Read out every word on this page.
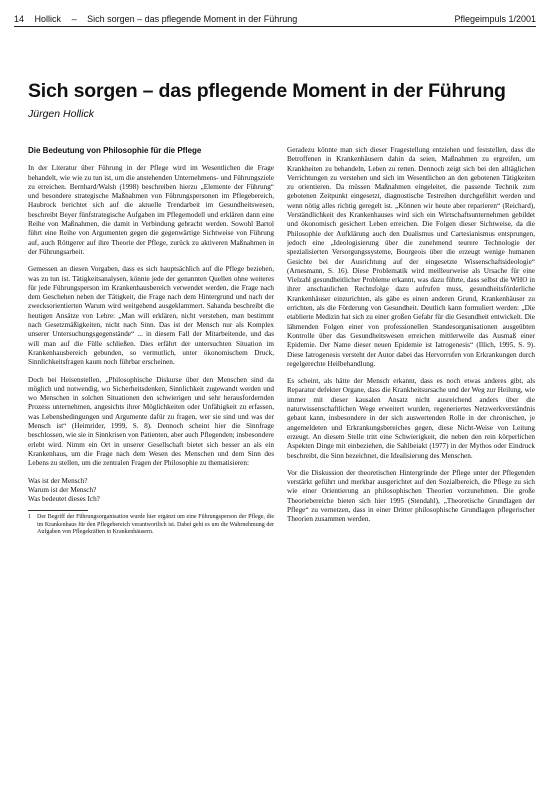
14 Hollick – Sich sorgen – das pflegende Moment in der Führung	Pflegeimpuls 1/2001
Sich sorgen – das pflegende Moment in der Führung
Jürgen Hollick
Die Bedeutung von Philosophie für die Pflege

In der Literatur über Führung in der Pflege wird im Wesentlichen die Frage behandelt, wie wie zu tun ist, um die anstehenden Unternehmens- und Führungsziele zu erreichen. Bernhard/Walsh (1998) beschreiben hierzu „Elemente der Führung“ und besondere strategische Maßnahmen von Führungspersonen im Pflegebereich, Haubrock berichtet sich auf die aktuelle Trendarbeit im Gesundheitswesen, beschreibt Beyer fünfstrategische Aufgaben im Pflegemodell und erklären dann eine Reihe von Maßnahmen, die damit in Verbindung gebracht werden. Sowohl Bartol führt eine Reihe von Argumenten gegen die gegenwärtige Sichtweise von Führung auf, auch Röttgerer auf ihre Theorie der Pflege, zurück zu aktiveren Maßnahmen in der Führungsarbeit.

Gemessen an diesen Vorgaben, dass es sich hauptsächlich auf die Pflege beziehen, was zu tun ist. Tätigkeitsanalysen, könnte jede der genannten Quellen ohne weiteres für jede Führungsperson im Krankenhausbereich verwendet werden, die Frage nach dem Geschehen neben der Tätigkeit, die Frage nach dem Hintergrund und nach der zwecksorientierten Warum wird weitgehend ausgeklammert. Sahanda beschreibt die heutigen Ansätze von Lehre: „Man will erklären, nicht verstehen, man bestimmt nach Gesetzmäßigkeiten, nicht nach Sinn. Das ist der Mensch nur als Komplex unserer Untersuchungsgegenstände“ ... in diesem Fall der Mitarbeitende, und das will man auf die Fülle schließen. Dies erfährt der untersuchten Situation im Krankenhausbereich gebunden, so vermutlich, unter ökonomischem Druck, Sinnlichkeitsfragen kaum noch führbar erscheinen.

Doch bei Heisenstellen, „Philosophische Diskurse über den Menschen sind da möglich und notwendig, wo Sicherheitsdenken, Sinnlichkeit zugewandt werden und wo Menschen in solchen Situationen den schwierigen und sehr herausfordernden Prozess unternehmen, angesichts ihrer Möglichkeiten oder Unfähigkeit zu erfassen, was Lebensbedingungen und Argumente dafür zu fragen, wer sie sind und was der Mensch ist“ (Heimrider, 1999, S. 8). Dennoch scheint hier die Sinnfrage beschlossen, wie sie in Sinnkrisen von Patienten, aber auch Pflegenden; insbesondere erlebt wird. Nimm ein Ort in unserer Gesellschaft bietet sich besser an als ein Krankenhaus, um die Frage nach dem Wesen des Menschen und dem Sinn des Lebens zu stellen, um die zentralen Fragen der Philosophie zu thematisieren:

Was ist der Mensch?
Warum ist der Mensch?
Was bedeutet dieses Ich?
1 Der Begriff der Führungsorganisation wurde hier ergänzt um eine Führungsperson der Pflege, die im Krankenhaus für den Pflegebereich verantwortlich ist. Dabei geht es um die Wahrnehmung der Aufgaben von Pflegekräften in Krankenhäusern.

Geradezu könnte man sich dieser Fragestellung entziehen und feststellen, dass die Betroffenen in Krankenhäusern dahin da seien, Maßnahmen zu ergreifen, um Krankheiten zu behandeln, Leben zu retten. Dennoch zeigt sich bei den alltäglichen Verrichtungen zu verstehen und sich im Wesentlichen an den gebotenen Tätigkeiten zu orientieren. Da müssen Maßnahmen eingeleitet, die passende Technik zum gebotenen Zeitpunkt eingesetzt, diagnostische Testreihen durchgeführt werden und wenn nötig alles richtig geregelt ist. „Können wir heute aber reparieren“ (Reichard), Verständlichkeit des Krankenhauses wird sich ein Wirtschaftsunternehmen gebildet und ökonomisch gesichert Leben erreichen. Die Folgen dieser Sichtweise, da die Philosophie der Aufklärung auch den Dualismus und Cartesianismus entsprungen, jedoch eine „Ideologisierung über die zunehmend teurere Technologie der spezialisierten Versorgungssysteme, Bourgeois über die erzeugt wenige humanen Gesichte bei der Ausrichtung auf der eingesetzte Wissenschaftsideologie“ (Arnesmann, S. 16). Diese Problematik wird meilleurweise als Ursache für eine Vielzahl gesundheitlicher Probleme erkannt, was dazu führte, dass selbst die WHO in ihrer anschaulichen Rechtsfolge dazu aufrufen muss, gesundheitsförderliche Krankenhäuser einzurichten, als gäbe es einen anderen Grund, Krankenhäuser zu errichten, als die Förderung von Gesundheit. Deutlich kann formuliert werden: „Die etablierte Medizin hat sich zu einer großen Gefahr für die Gesundheit entwickelt. Die lähmenden Folgen einer von professionellen Standesorganisationen ausgeübten Kontrolle über das Gesundheitswesen erreichen mittlerweile das Ausmaß einer Epidemie. Der Name dieser neuen Epidemie ist Iatrogenesis“ (Illich, 1995, S. 9). Diese Iatrogenesis versteht der Autor dabei das Hervorrufen von Erkrankungen durch regelgerechte Heilbehandlung.

Es scheint, als hätte der Mensch erkannt, dass es noch etwas anderes gibt, als Reparatur defekter Organe, dass die Krankheitsursache und der Weg zur Heilung, wie immer mit dieser kausalen Ansatz nicht ausreichend anders über die naturwissenschaftlichen Wege erweitert wurden, regeneriertes Netzwerkverständnis gebaut kann, insbesondere in der sich auswertenden Rolle in der chronischen, je angemeldeten und Erkrankungsbereiches gegen, diese Nicht-Weise von Leitung erzeugt. An diesem Stelle tritt eine Schwierigkeit, die neben den rein körperlichen Aspekten Dinge mit einbeziehen, die Sahlbeiakt (1977) in der Mythos oder Eindruck beschreibt, die Sinn bezeichnet, die Idealisierung des Menschen.

Vor die Diskussion der theoretischen Hintergründe der Pflege unter der Pflegenden verstärkt geführt und merkbar ausgerichtet auf den Sozialbereich, die Pflege zu sich wie einer Orientierung an philosophischen Theorien vorzunehmen. Die große Theoriebereiche bieten sich hier 1995 (Stendahl), „Theoretische Grundlagen der Pflege“ zu vernetzen, dass in einer Dritter philosophische Grundlagen pflegerischer Theorien zusammen werden.
